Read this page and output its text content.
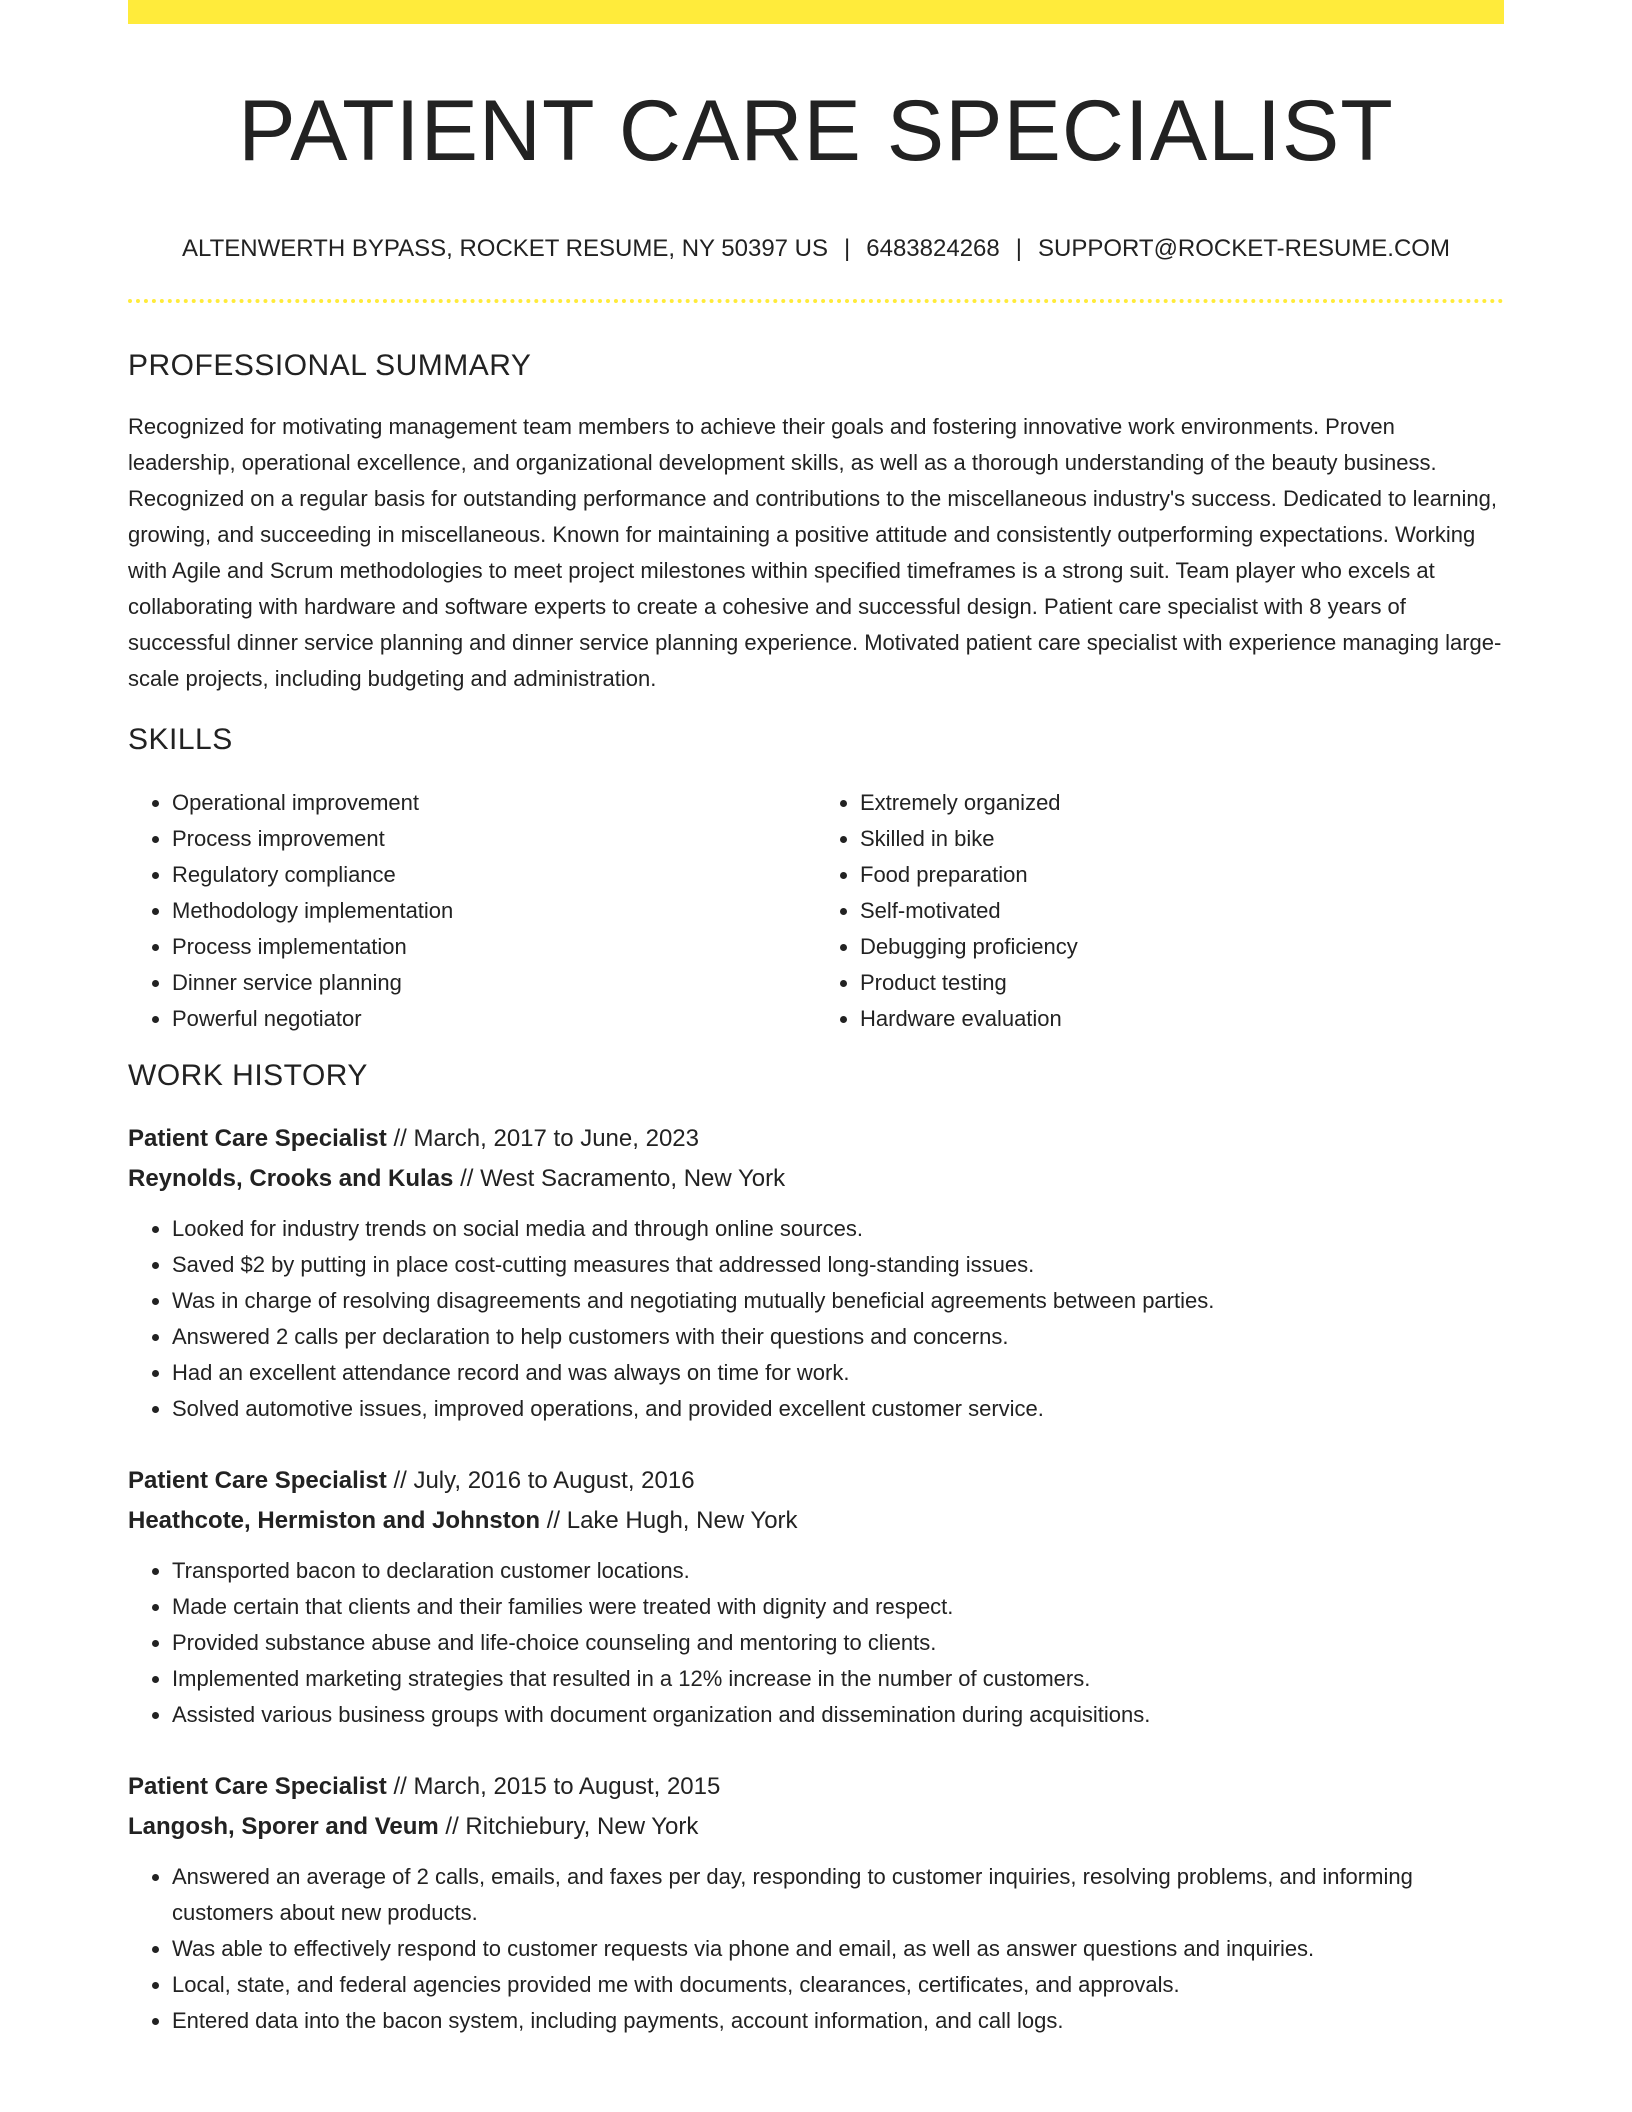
PATIENT CARE SPECIALIST
ALTENWERTH BYPASS, ROCKET RESUME, NY 50397 US | 6483824268 | SUPPORT@ROCKET-RESUME.COM
PROFESSIONAL SUMMARY

Recognized for motivating management team members to achieve their goals and fostering innovative work environments. Proven leadership, operational excellence, and organizational development skills, as well as a thorough understanding of the beauty business. Recognized on a regular basis for outstanding performance and contributions to the miscellaneous industry's success. Dedicated to learning, growing, and succeeding in miscellaneous. Known for maintaining a positive attitude and consistently outperforming expectations. Working with Agile and Scrum methodologies to meet project milestones within specified timeframes is a strong suit. Team player who excels at collaborating with hardware and software experts to create a cohesive and successful design. Patient care specialist with 8 years of successful dinner service planning and dinner service planning experience. Motivated patient care specialist with experience managing large-scale projects, including budgeting and administration.

SKILLS
• Operational improvement
• Process improvement
• Regulatory compliance
• Methodology implementation
• Process implementation
• Dinner service planning
• Powerful negotiator
• Extremely organized
• Skilled in bike
• Food preparation
• Self-motivated
• Debugging proficiency
• Product testing
• Hardware evaluation
WORK HISTORY
Patient Care Specialist // March, 2017 to June, 2023
Reynolds, Crooks and Kulas // West Sacramento, New York
• Looked for industry trends on social media and through online sources.
• Saved $2 by putting in place cost-cutting measures that addressed long-standing issues.
• Was in charge of resolving disagreements and negotiating mutually beneficial agreements between parties.
• Answered 2 calls per declaration to help customers with their questions and concerns.
• Had an excellent attendance record and was always on time for work.
• Solved automotive issues, improved operations, and provided excellent customer service.
Patient Care Specialist // July, 2016 to August, 2016
Heathcote, Hermiston and Johnston // Lake Hugh, New York
• Transported bacon to declaration customer locations.
• Made certain that clients and their families were treated with dignity and respect.
• Provided substance abuse and life-choice counseling and mentoring to clients.
• Implemented marketing strategies that resulted in a 12% increase in the number of customers.
• Assisted various business groups with document organization and dissemination during acquisitions.
Patient Care Specialist // March, 2015 to August, 2015
Langosh, Sporer and Veum // Ritchiebury, New York
• Answered an average of 2 calls, emails, and faxes per day, responding to customer inquiries, resolving problems, and informing customers about new products.
• Was able to effectively respond to customer requests via phone and email, as well as answer questions and inquiries.
• Local, state, and federal agencies provided me with documents, clearances, certificates, and approvals.
• Entered data into the bacon system, including payments, account information, and call logs.
